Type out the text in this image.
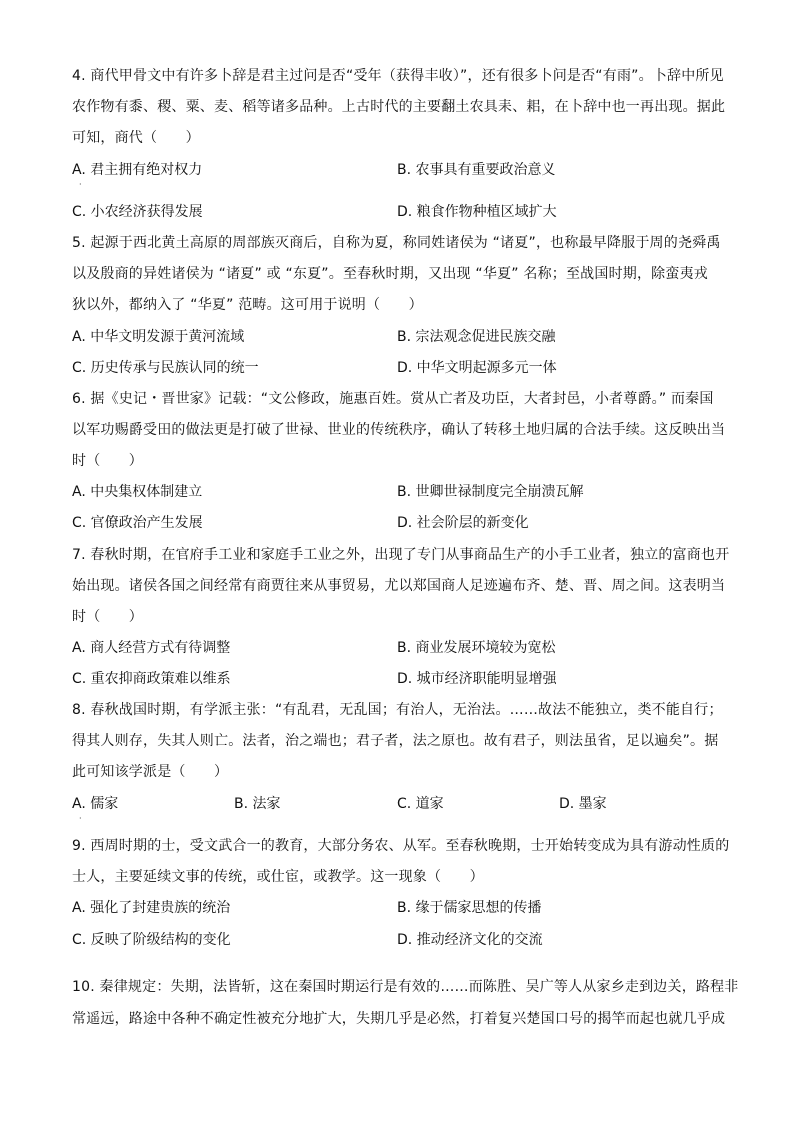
4. 商代甲骨文中有许多卜辞是君主过问是否“受年（获得丰收）”，还有很多卜问是否“有雨”。卜辞中所见
农作物有黍、稷、粟、麦、稻等诸多品种。上古时代的主要翻土农具耒、耜，在卜辞中也一再出现。据此
可知，商代（　　）
A. 君主拥有绝对权力	B. 农事具有重要政治意义
·
C. 小农经济获得发展	D. 粮食作物种植区域扩大
5. 起源于西北黄土高原的周部族灭商后，自称为夏，称同姓诸侯为 “诸夏”，也称最早降服于周的尧舜禹
以及殷商的异姓诸侯为 “诸夏” 或 “东夏”。至春秋时期，又出现 “华夏” 名称；至战国时期，除蛮夷戎
狄以外，都纳入了 “华夏” 范畴。这可用于说明（　　）
A. 中华文明发源于黄河流域	B. 宗法观念促进民族交融
C. 历史传承与民族认同的统一	D. 中华文明起源多元一体
6. 据《史记・晋世家》记载：“文公修政，施惠百姓。赏从亡者及功臣，大者封邑，小者尊爵。” 而秦国
以军功赐爵受田的做法更是打破了世禄、世业的传统秩序，确认了转移土地归属的合法手续。这反映出当
时（　　）
A. 中央集权体制建立	B. 世卿世禄制度完全崩溃瓦解
C. 官僚政治产生发展	D. 社会阶层的新变化
7. 春秋时期，在官府手工业和家庭手工业之外，出现了专门从事商品生产的小手工业者，独立的富商也开
始出现。诸侯各国之间经常有商贾往来从事贸易，尤以郑国商人足迹遍布齐、楚、晋、周之间。这表明当
时（　　）
A. 商人经营方式有待调整	B. 商业发展环境较为宽松
C. 重农抑商政策难以维系	D. 城市经济职能明显增强
8. 春秋战国时期，有学派主张：“有乱君，无乱国；有治人，无治法。……故法不能独立，类不能自行；
得其人则存，失其人则亡。法者，治之端也；君子者，法之原也。故有君子，则法虽省，足以遍矣”。据
此可知该学派是（　　）
A. 儒家	B. 法家	C. 道家	D. 墨家
·
9. 西周时期的士，受文武合一的教育，大部分务农、从军。至春秋晚期，士开始转变成为具有游动性质的
士人，主要延续文事的传统，或仕宦，或教学。这一现象（　　）
A. 强化了封建贵族的统治	B. 缘于儒家思想的传播
C. 反映了阶级结构的变化	D. 推动经济文化的交流
10. 秦律规定：失期，法皆斩，这在秦国时期运行是有效的……而陈胜、吴广等人从家乡走到边关，路程非
常遥远，路途中各种不确定性被充分地扩大，失期几乎是必然，打着复兴楚国口号的揭竿而起也就几乎成
